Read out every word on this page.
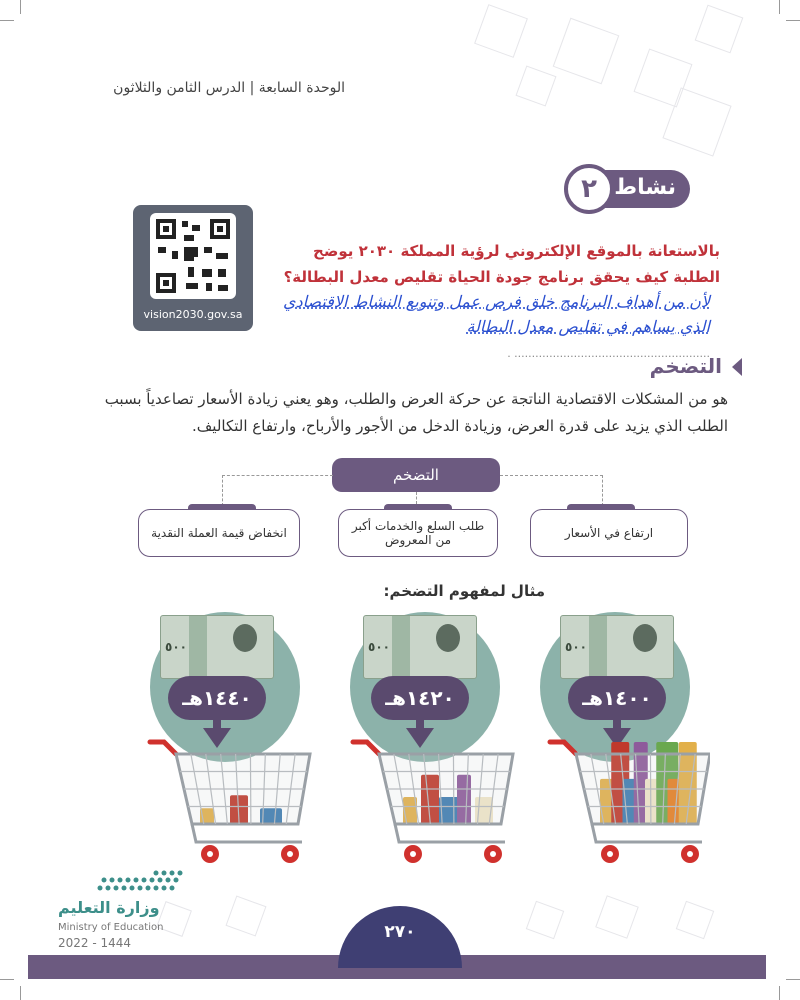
الوحدة السابعة | الدرس الثامن والثلاثون
نشاط
٢
vision2030.gov.sa
بالاستعانة بالموقع الإلكتروني لرؤية المملكة ٢٠٣٠ يوضح الطلبة كيف يحقق برنامج جودة الحياة تقليص معدل البطالة؟
لأن من أهداف البرنامج خلق فرص عمل وتنويع النشاط الاقتصادي
الذي يساهم في تقليص معدل البطالة ........................................................ .
التضخم
هو من المشكلات الاقتصادية الناتجة عن حركة العرض والطلب، وهو يعني زيادة الأسعار تصاعدياً بسبب الطلب الذي يزيد على قدرة العرض، وزيادة الدخل من الأجور والأرباح، وارتفاع التكاليف.
التضخم
ارتفاع في الأسعار
طلب السلع والخدمات أكبر من المعروض
انخفاض قيمة العملة النقدية
مثال لمفهوم التضخم:
٥٠٠
١٤٠٠هـ
٥٠٠
١٤٢٠هـ
٥٠٠
١٤٤٠هـ
وزارة التعليم
Ministry of Education
2022 - 1444
٢٧٠
